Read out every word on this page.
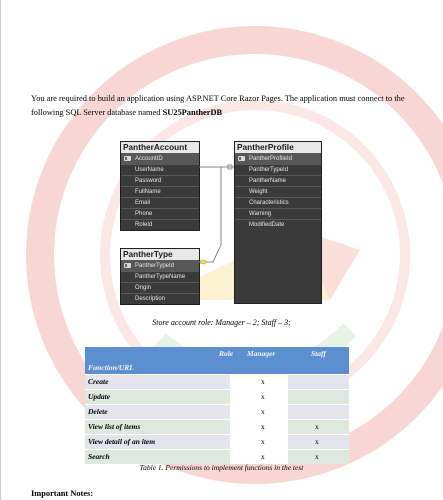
You are required to build an application using ASP.NET Core Razor Pages. The application must connect to the
following SQL Server database named SU25PantherDB
PantherAccount
AccountID
UserName
Password
FullName
Email
Phone
RoleId
PantherType
PantherTypeId
PantherTypeName
Origin
Description
PantherProfile
PantherProfileId
PantherTypeId
PantherName
Weight
Characteristics
Warning
ModifiedDate
Store account role: Manager – 2; Staff – 3;
Role Manager	Staff
Function/URL
Create	x
Update	x
Delete	x
View list of items	x	x
View detail of an item	x	x
Search	x	x
Table 1. Permissions to implement functions in the test
Important Notes:
